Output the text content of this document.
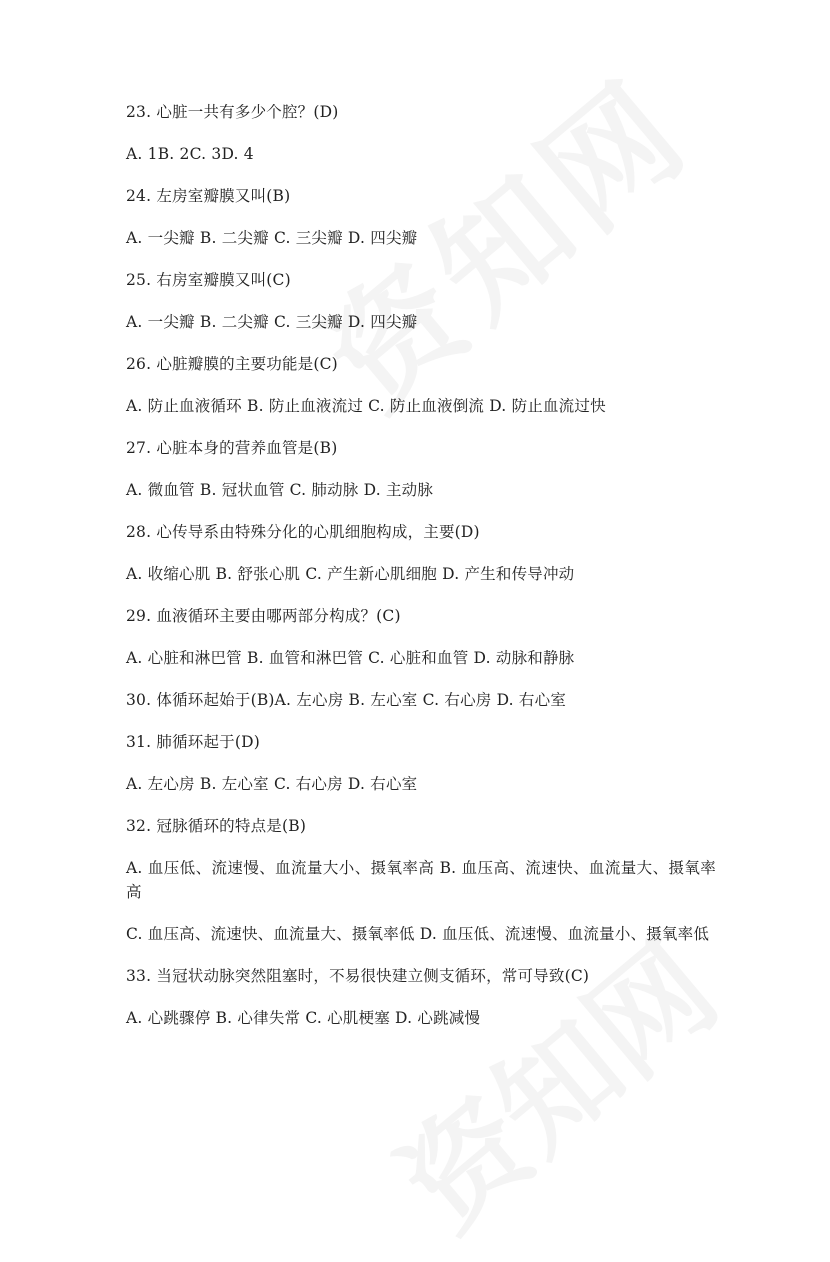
23. 心脏一共有多少个腔？(D)

A. 1B. 2C. 3D. 4

24. 左房室瓣膜又叫(B)

A. 一尖瓣 B. 二尖瓣 C. 三尖瓣 D. 四尖瓣

25. 右房室瓣膜又叫(C)

A. 一尖瓣 B. 二尖瓣 C. 三尖瓣 D. 四尖瓣

26. 心脏瓣膜的主要功能是(C)

A. 防止血液循环 B. 防止血液流过 C. 防止血液倒流 D. 防止血流过快

27. 心脏本身的营养血管是(B)

A. 微血管 B. 冠状血管 C. 肺动脉 D. 主动脉

28. 心传导系由特殊分化的心肌细胞构成，主要(D)

A. 收缩心肌 B. 舒张心肌 C. 产生新心肌细胞 D. 产生和传导冲动

29. 血液循环主要由哪两部分构成？(C)

A. 心脏和淋巴管 B. 血管和淋巴管 C. 心脏和血管 D. 动脉和静脉

30. 体循环起始于(B)A. 左心房 B. 左心室 C. 右心房 D. 右心室

31. 肺循环起于(D)

A. 左心房 B. 左心室 C. 右心房 D. 右心室

32. 冠脉循环的特点是(B)

A. 血压低、流速慢、血流量大小、摄氧率高 B. 血压高、流速快、血流量大、摄氧率高

C. 血压高、流速快、血流量大、摄氧率低 D. 血压低、流速慢、血流量小、摄氧率低

33. 当冠状动脉突然阻塞时，不易很快建立侧支循环，常可导致(C)

A. 心跳骤停 B. 心律失常 C. 心肌梗塞 D. 心跳减慢
